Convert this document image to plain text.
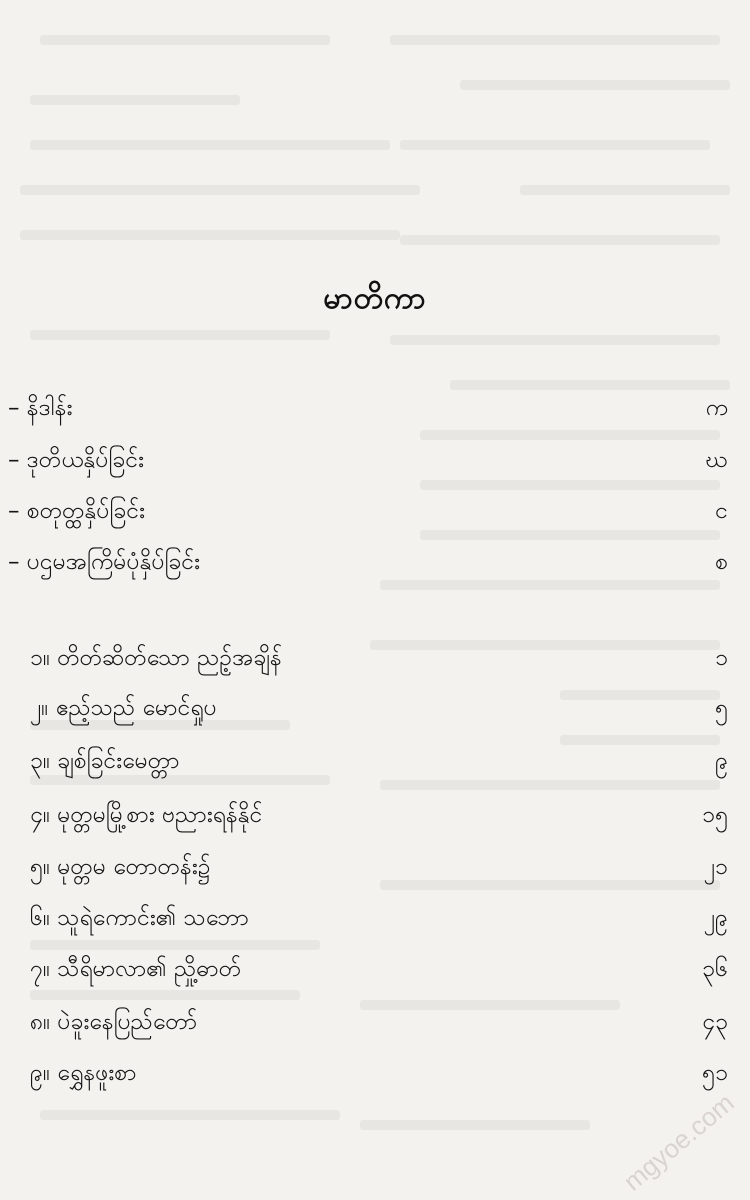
မာတိကာ
– နိဒါန်း	က
– ဒုတိယနှိပ်ခြင်း	ဃ
– စတုတ္ထနှိပ်ခြင်း	င
– ပဌမအကြိမ်ပုံနှိပ်ခြင်း	စ
၁။ တိတ်ဆိတ်သော ညဥ့်အချိန်	၁
၂။ ဧည့်သည် မောင်ရှုပ	၅
၃။ ချစ်ခြင်းမေတ္တာ	၉
၄။ မုတ္တမမြို့စား ဗညားရန်နိုင်	၁၅
၅။ မုတ္တမ တောတန်း၌	၂၁
၆။ သူရဲကောင်း၏ သဘော	၂၉
၇။ သီရိမာလာ၏ ညှို့ဓာတ်	၃၆
၈။ ပဲခူးနေပြည်တော်	၄၃
၉။ ရွှေနဖူးစာ	၅၁
mgyoe.com
